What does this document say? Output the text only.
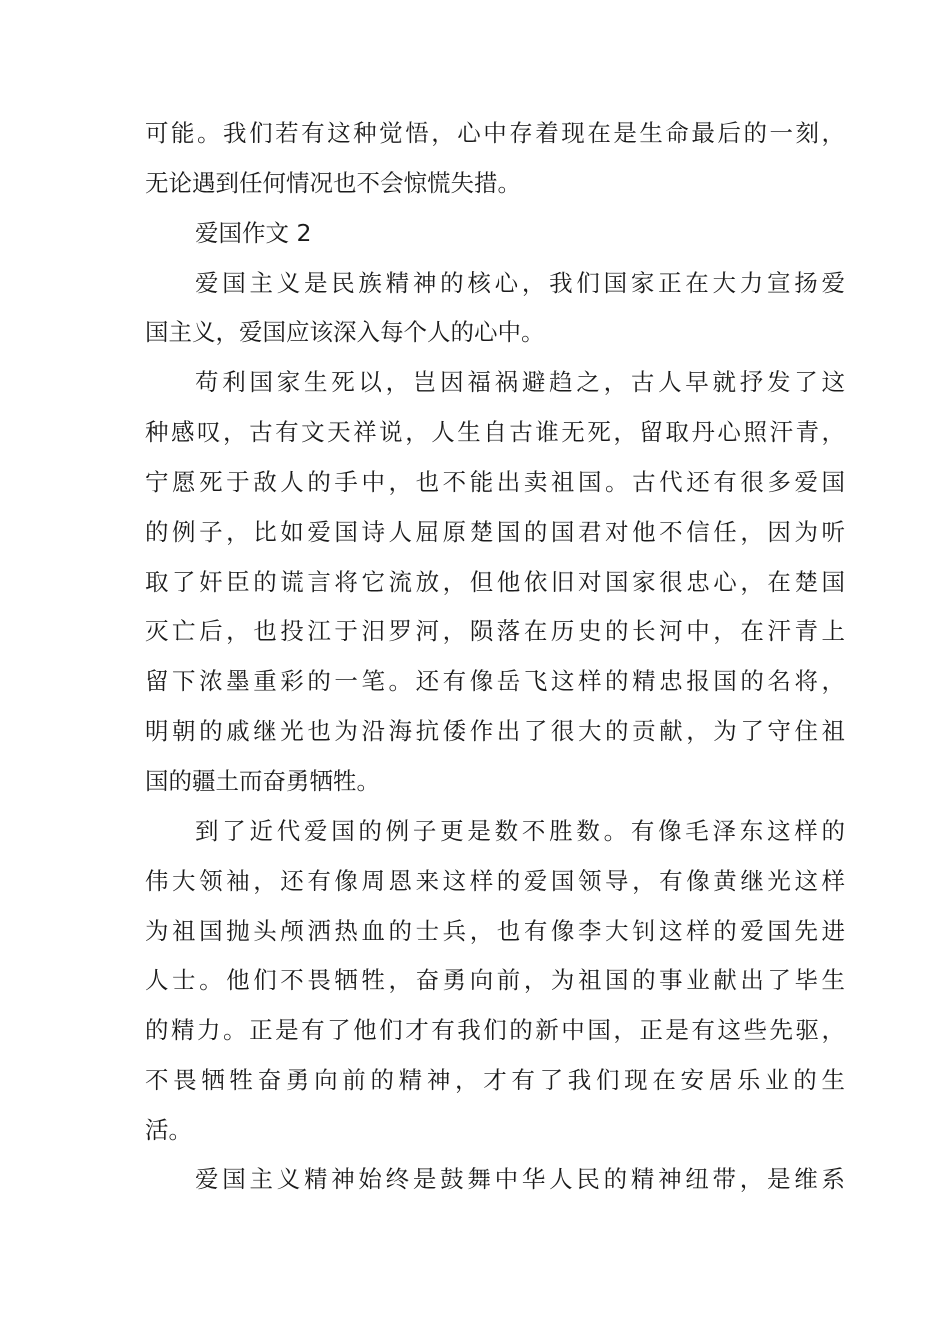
可能。我们若有这种觉悟，心中存着现在是生命最后的一刻，
无论遇到任何情况也不会惊慌失措。
爱国作文 2
爱国主义是民族精神的核心，我们国家正在大力宣扬爱
国主义，爱国应该深入每个人的心中。
苟利国家生死以，岂因福祸避趋之，古人早就抒发了这
种感叹，古有文天祥说，人生自古谁无死，留取丹心照汗青，
宁愿死于敌人的手中，也不能出卖祖国。古代还有很多爱国
的例子，比如爱国诗人屈原楚国的国君对他不信任，因为听
取了奸臣的谎言将它流放，但他依旧对国家很忠心，在楚国
灭亡后，也投江于汨罗河，陨落在历史的长河中，在汗青上
留下浓墨重彩的一笔。还有像岳飞这样的精忠报国的名将，
明朝的戚继光也为沿海抗倭作出了很大的贡献，为了守住祖
国的疆土而奋勇牺牲。
到了近代爱国的例子更是数不胜数。有像毛泽东这样的
伟大领袖，还有像周恩来这样的爱国领导，有像黄继光这样
为祖国抛头颅洒热血的士兵，也有像李大钊这样的爱国先进
人士。他们不畏牺牲，奋勇向前，为祖国的事业献出了毕生
的精力。正是有了他们才有我们的新中国，正是有这些先驱，
不畏牺牲奋勇向前的精神，才有了我们现在安居乐业的生
活。
爱国主义精神始终是鼓舞中华人民的精神纽带，是维系
